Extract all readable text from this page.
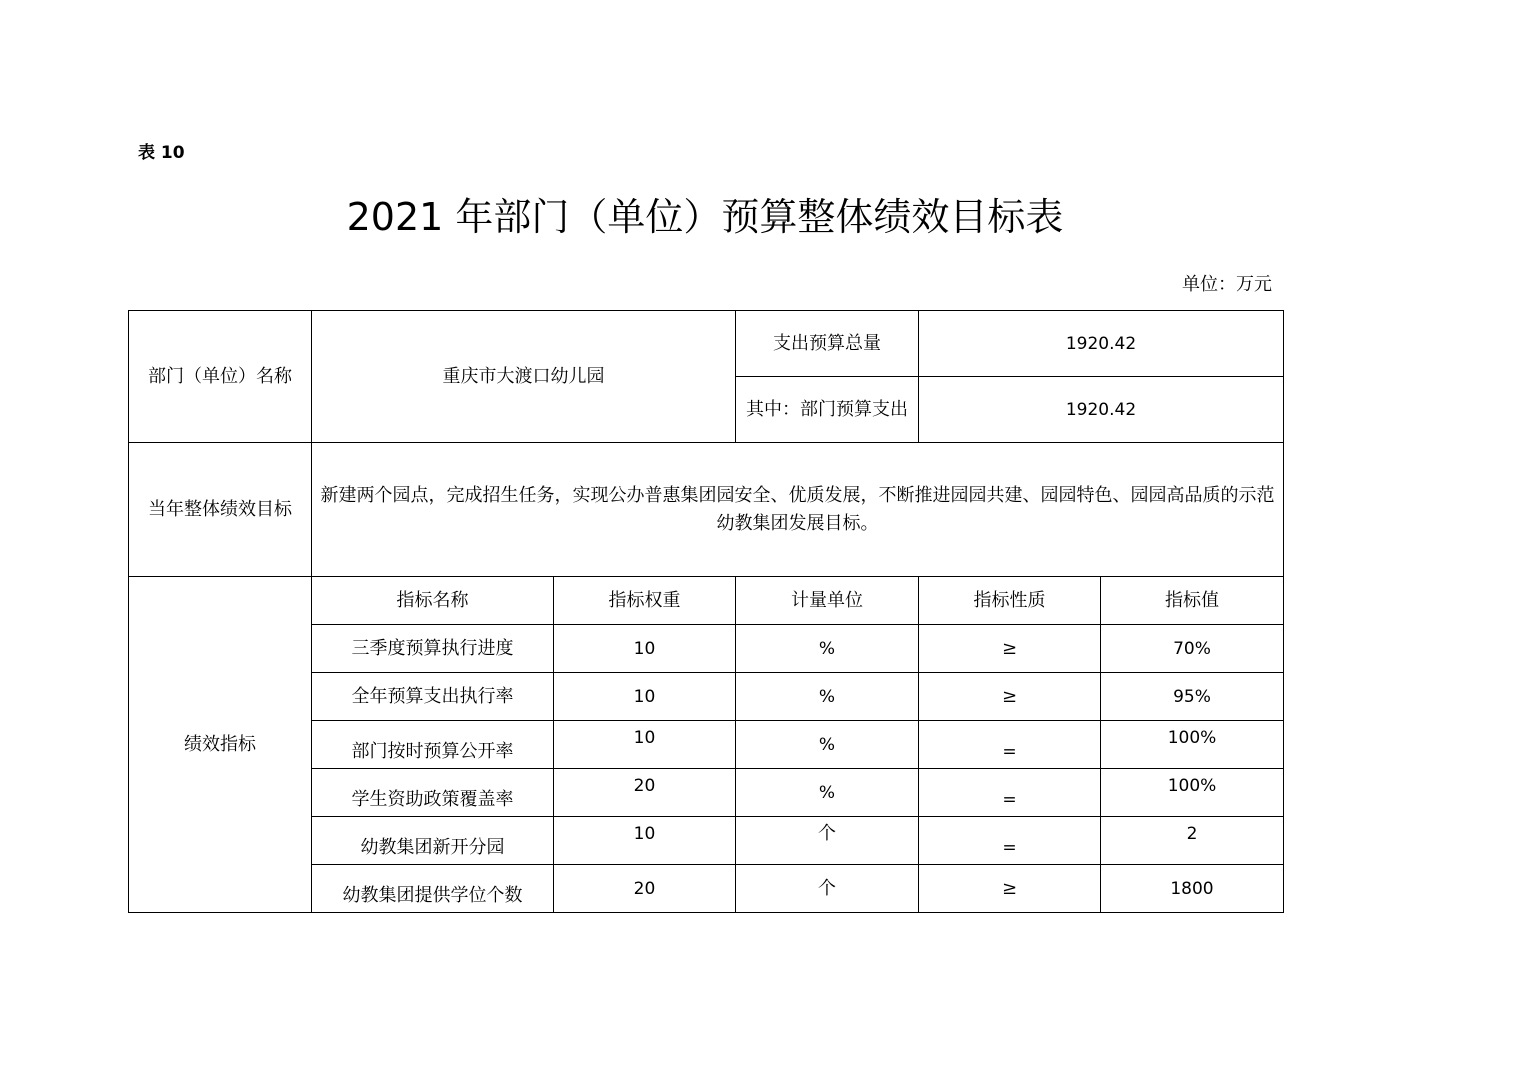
表 10
2021 年部门（单位）预算整体绩效目标表
单位：万元
部门（单位）名称	重庆市大渡口幼儿园		支出预算总量	1920.42	
			其中：部门预算支出	1920.42	
当年整体绩效目标	新建两个园点，完成招生任务，实现公办普惠集团园安全、优质发展，不断推进园园共建、园园特色、园园高品质的示范幼教集团发展目标。				
绩效指标	指标名称	指标权重	计量单位	指标性质	指标值
	三季度预算执行进度	10	%	≥	70%
	全年预算支出执行率	10	%	≥	95%
	部门按时预算公开率	10	%	=	100%
	学生资助政策覆盖率	20	%	=	100%
	幼教集团新开分园	10	个	=	2
	幼教集团提供学位个数	20	个	≥	1800
